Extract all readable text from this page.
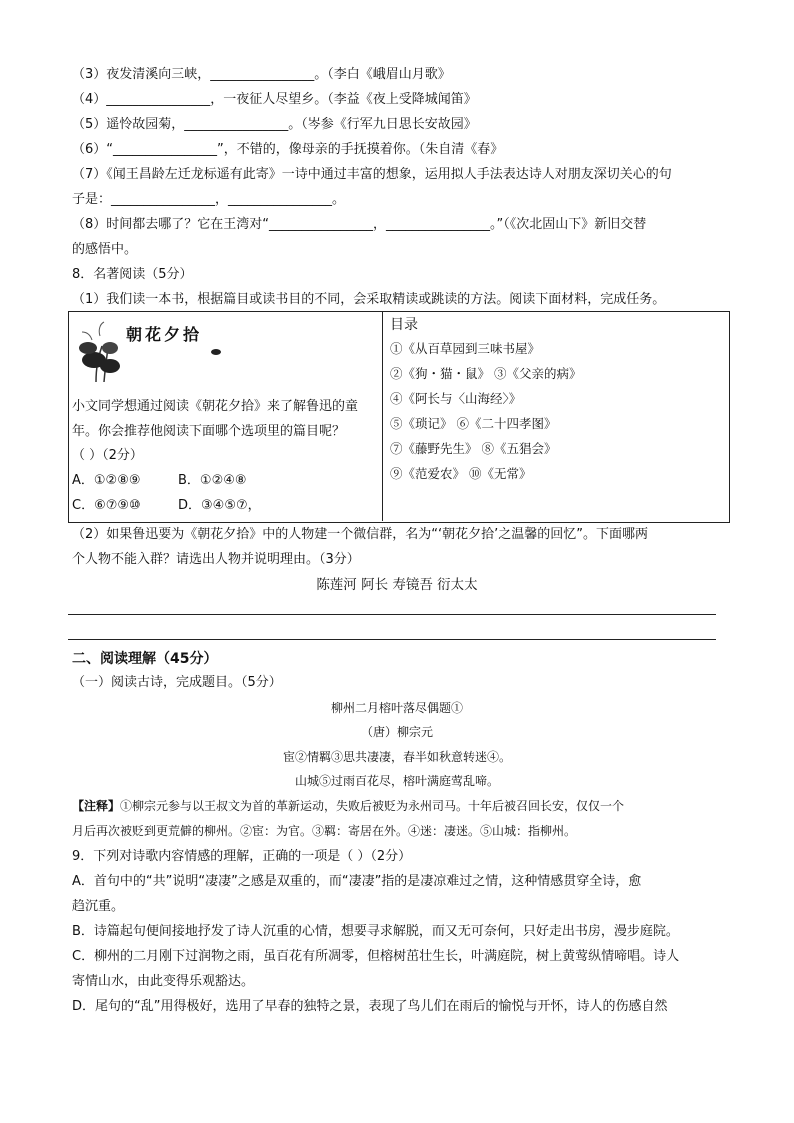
（3）夜发清溪向三峡，________________。（李白《峨眉山月歌》
（4）________________，一夜征人尽望乡。（李益《夜上受降城闻笛》
（5）遥怜故园菊，________________。（岑参《行军九日思长安故园》
（6）“________________”，不错的，像母亲的手抚摸着你。（朱自清《春》
（7）《闻王昌龄左迁龙标遥有此寄》一诗中通过丰富的想象，运用拟人手法表达诗人对朋友深切关心的句
子是：________________，________________。
（8）时间都去哪了？它在王湾对“________________，________________。”（《次北固山下》新旧交替
的感悟中。
8．名著阅读（5分）
（1）我们读一本书，根据篇目或读书目的不同，会采取精读或跳读的方法。阅读下面材料，完成任务。
朝花夕拾
小文同学想通过阅读《朝花夕拾》来了解鲁迅的童
年。你会推荐他阅读下面哪个选项里的篇目呢？
（ ）（2分）
A．①②⑧⑨	B．①②④⑧
C．⑥⑦⑨⑩	D．③④⑤⑦，
目录
①《从百草园到三味书屋》
②《狗・猫・鼠》 ③《父亲的病》
④《阿长与〈山海经〉》
⑤《琐记》 ⑥《二十四孝图》
⑦《藤野先生》 ⑧《五猖会》
⑨《范爱农》 ⑩《无常》
（2）如果鲁迅要为《朝花夕拾》中的人物建一个微信群，名为“‘朝花夕拾’之温馨的回忆”。下面哪两
个人物不能入群？请选出人物并说明理由。（3分）
陈莲河 阿长 寿镜吾 衍太太
二、阅读理解（45分）
（一）阅读古诗，完成题目。（5分）
柳州二月榕叶落尽偶题①
（唐）柳宗元
宦②情羁③思共凄凄，春半如秋意转迷④。
山城⑤过雨百花尽，榕叶满庭莺乱啼。
【注释】①柳宗元参与以王叔文为首的革新运动，失败后被贬为永州司马。十年后被召回长安，仅仅一个
月后再次被贬到更荒僻的柳州。②宦：为官。③羁：寄居在外。④迷：凄迷。⑤山城：指柳州。
9．下列对诗歌内容情感的理解，正确的一项是（ ）（2分）
A．首句中的“共”说明“凄凄”之感是双重的，而“凄凄”指的是凄凉难过之情，这种情感贯穿全诗，愈
趋沉重。
B．诗篇起句便间接地抒发了诗人沉重的心情，想要寻求解脱，而又无可奈何，只好走出书房，漫步庭院。
C．柳州的二月刚下过润物之雨，虽百花有所凋零，但榕树茁壮生长，叶满庭院，树上黄莺纵情啼唱。诗人
寄情山水，由此变得乐观豁达。
D．尾句的“乱”用得极好，选用了早春的独特之景，表现了鸟儿们在雨后的愉悦与开怀，诗人的伤感自然
